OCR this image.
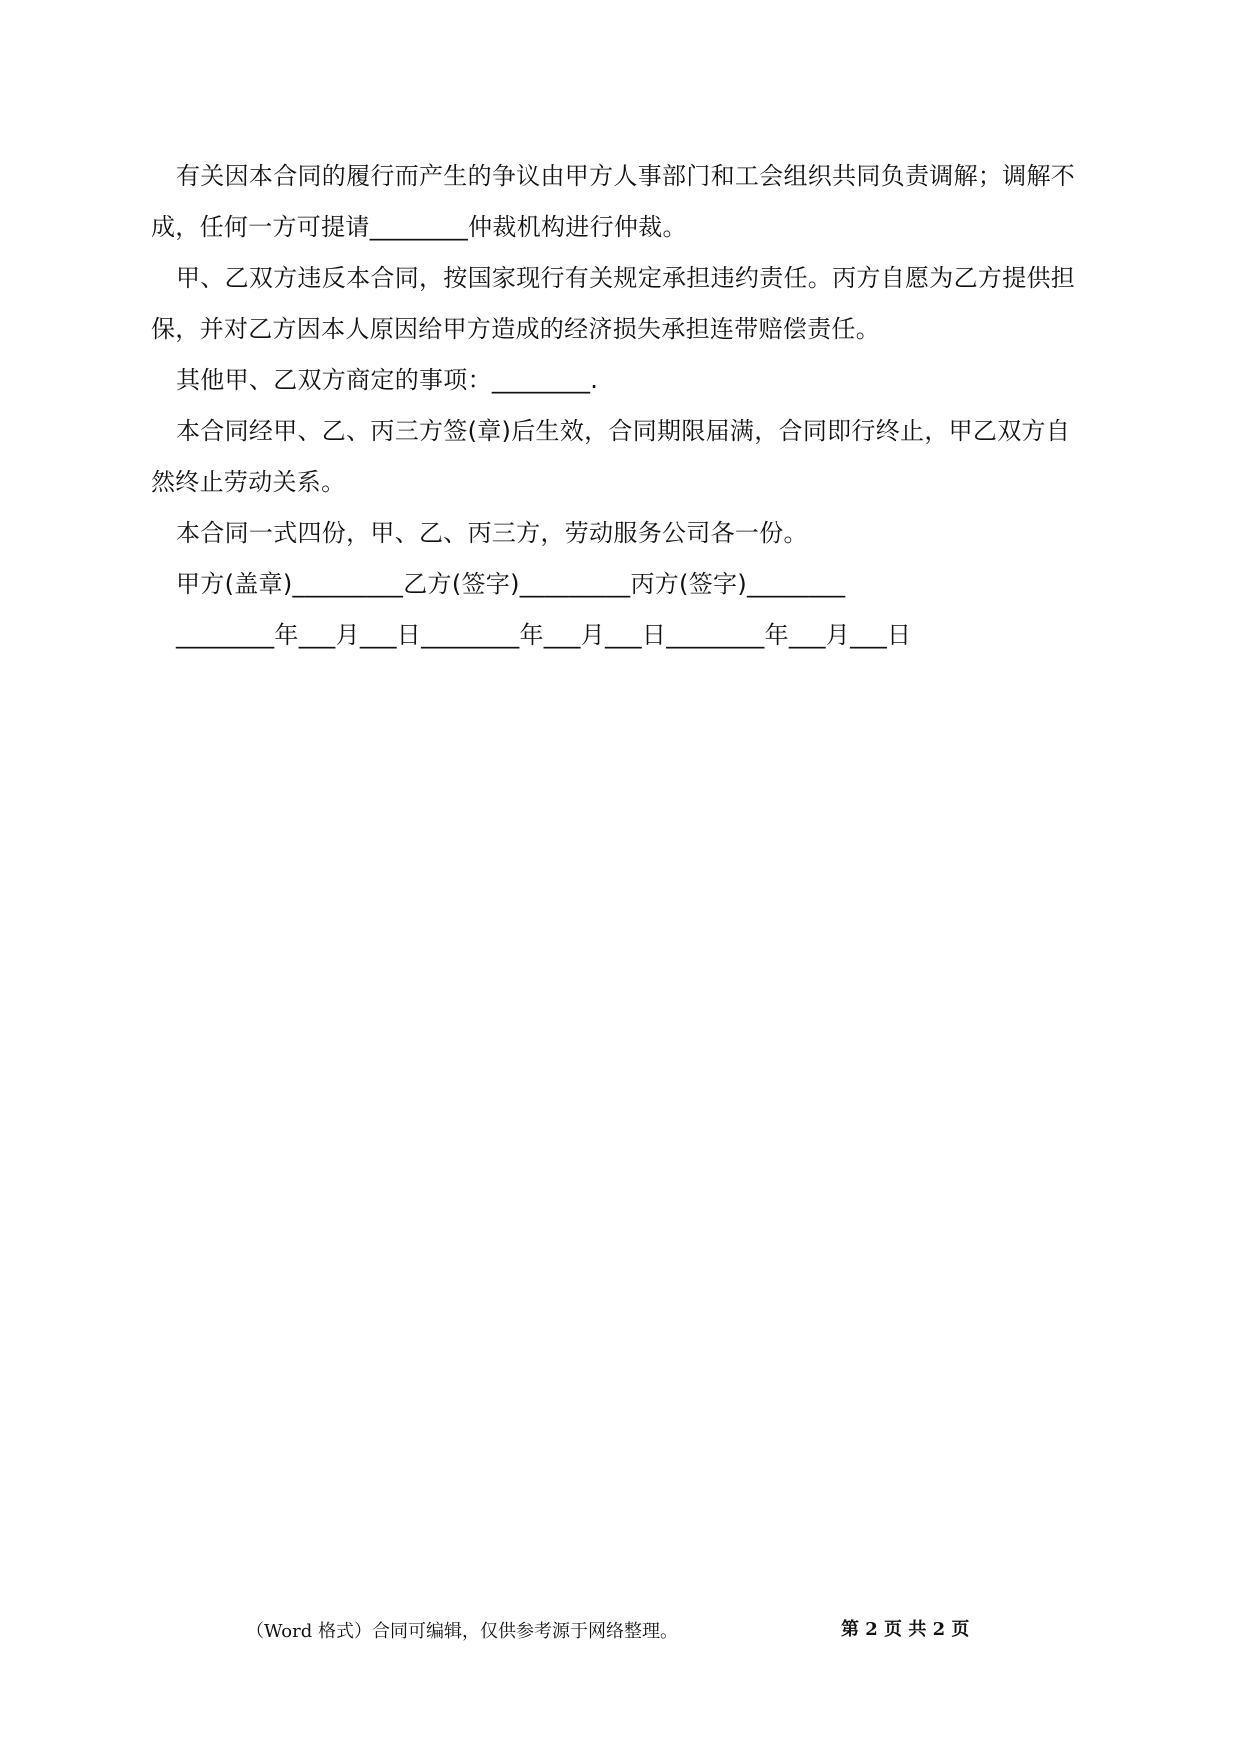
有关因本合同的履行而产生的争议由甲方人事部门和工会组织共同负责调解；调解不成，任何一方可提请________仲裁机构进行仲裁。

甲、乙双方违反本合同，按国家现行有关规定承担违约责任。丙方自愿为乙方提供担保，并对乙方因本人原因给甲方造成的经济损失承担连带赔偿责任。

其他甲、乙双方商定的事项：________.

本合同经甲、乙、丙三方签(章)后生效，合同期限届满，合同即行终止，甲乙双方自然终止劳动关系。

本合同一式四份，甲、乙、丙三方，劳动服务公司各一份。

甲方(盖章)_________乙方(签字)_________丙方(签字)________

________年___月___日________年___月___日________年___月___日

（Word 格式）合同可编辑，仅供参考源于网络整理。	第 2 页 共 2 页
